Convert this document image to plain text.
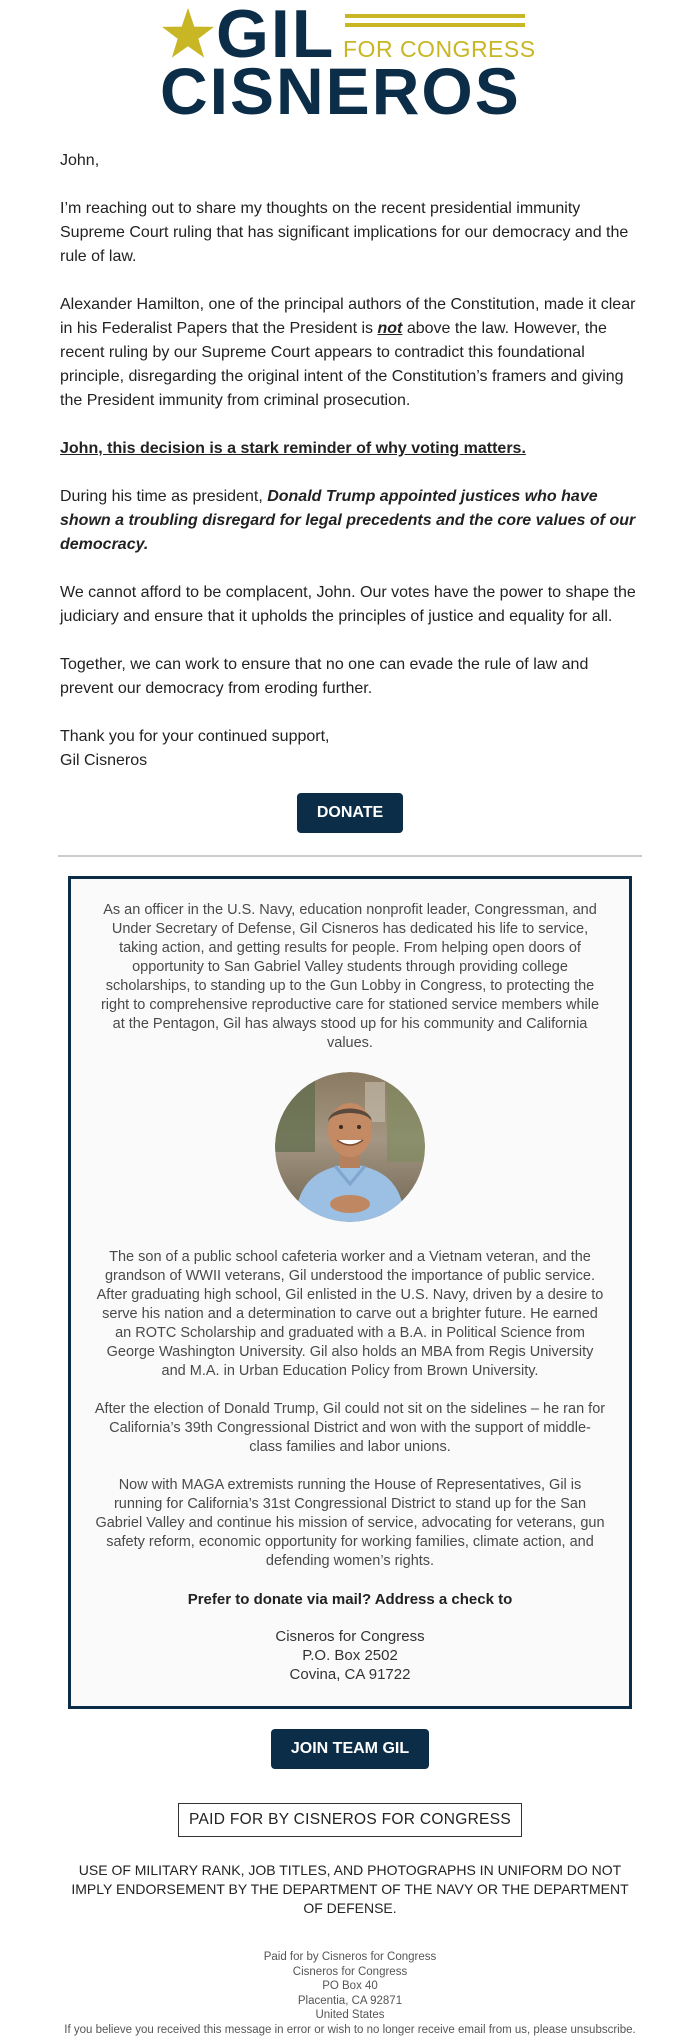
GIL FOR CONGRESS
CISNEROS

John,

I’m reaching out to share my thoughts on the recent presidential immunity Supreme Court ruling that has significant implications for our democracy and the rule of law.

Alexander Hamilton, one of the principal authors of the Constitution, made it clear in his Federalist Papers that the President is not above the law. However, the recent ruling by our Supreme Court appears to contradict this foundational principle, disregarding the original intent of the Constitution’s framers and giving the President immunity from criminal prosecution.

John, this decision is a stark reminder of why voting matters.

During his time as president, Donald Trump appointed justices who have shown a troubling disregard for legal precedents and the core values of our democracy.

We cannot afford to be complacent, John. Our votes have the power to shape the judiciary and ensure that it upholds the principles of justice and equality for all.

Together, we can work to ensure that no one can evade the rule of law and prevent our democracy from eroding further.

Thank you for your continued support,
Gil Cisneros

DONATE

As an officer in the U.S. Navy, education nonprofit leader, Congressman, and Under Secretary of Defense, Gil Cisneros has dedicated his life to service, taking action, and getting results for people. From helping open doors of opportunity to San Gabriel Valley students through providing college scholarships, to standing up to the Gun Lobby in Congress, to protecting the right to comprehensive reproductive care for stationed service members while at the Pentagon, Gil has always stood up for his community and California values.

The son of a public school cafeteria worker and a Vietnam veteran, and the grandson of WWII veterans, Gil understood the importance of public service. After graduating high school, Gil enlisted in the U.S. Navy, driven by a desire to serve his nation and a determination to carve out a brighter future. He earned an ROTC Scholarship and graduated with a B.A. in Political Science from George Washington University. Gil also holds an MBA from Regis University and M.A. in Urban Education Policy from Brown University.

After the election of Donald Trump, Gil could not sit on the sidelines – he ran for California’s 39th Congressional District and won with the support of middle-class families and labor unions.

Now with MAGA extremists running the House of Representatives, Gil is running for California’s 31st Congressional District to stand up for the San Gabriel Valley and continue his mission of service, advocating for veterans, gun safety reform, economic opportunity for working families, climate action, and defending women’s rights.

Prefer to donate via mail? Address a check to
Cisneros for Congress
P.O. Box 2502
Covina, CA 91722
JOIN TEAM GIL
PAID FOR BY CISNEROS FOR CONGRESS
USE OF MILITARY RANK, JOB TITLES, AND PHOTOGRAPHS IN UNIFORM DO NOT IMPLY ENDORSEMENT BY THE DEPARTMENT OF THE NAVY OR THE DEPARTMENT OF DEFENSE.
Paid for by Cisneros for Congress
Cisneros for Congress
PO Box 40
Placentia, CA 92871
United States
If you believe you received this message in error or wish to no longer receive email from us, please unsubscribe.
